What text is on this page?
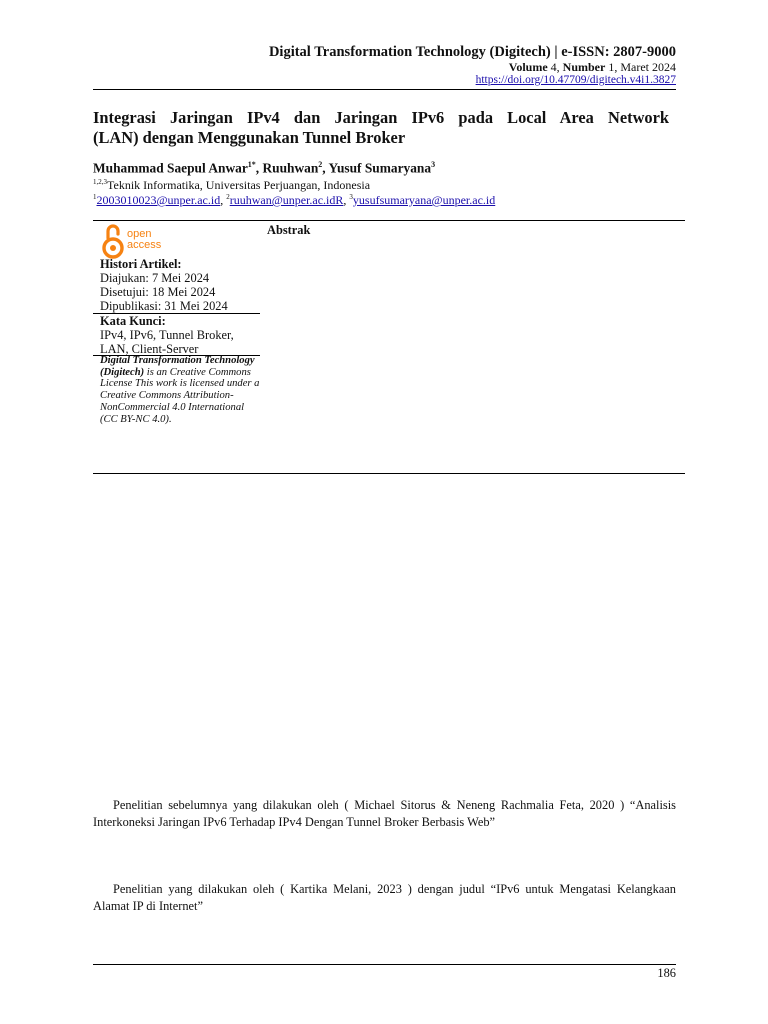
Digital Transformation Technology (Digitech) | e-ISSN: 2807-9000
Volume 4, Number 1, Maret 2024
https://doi.org/10.47709/digitech.v4i1.3827
Integrasi Jaringan IPv4 dan Jaringan IPv6 pada Local Area Network
(LAN) dengan Menggunakan Tunnel Broker
Muhammad Saepul Anwar$^{1*}$, Ruuhwan$^2$, Yusuf Sumaryana$^3$
$^{1,2,3}$Teknik Informatika, Universitas Perjuangan, Indonesia
$^1$2003010023@unper.ac.id, $^2$ruuhwan@unper.ac.idR, $^3$yusufsumaryana@unper.ac.id
open
access
Abstrak
Histori Artikel:
Diajukan: 7 Mei 2024
Disetujui: 18 Mei 2024
Dipublikasi: 31 Mei 2024
Kata Kunci:
IPv4, IPv6, Tunnel Broker,
LAN, Client-Server
Digital Transformation Technology (Digitech) is an Creative Commons License This work is licensed under a Creative Commons Attribution-NonCommercial 4.0 International (CC BY-NC 4.0).
Penelitian sebelumnya yang dilakukan oleh ( Michael Sitorus & Neneng Rachmalia Feta, 2020 ) “Analisis
Interkoneksi Jaringan IPv6 Terhadap IPv4 Dengan Tunnel Broker Berbasis Web”
Penelitian yang dilakukan oleh ( Kartika Melani, 2023 ) dengan judul “IPv6 untuk Mengatasi Kelangkaan
Alamat IP di Internet”
186
